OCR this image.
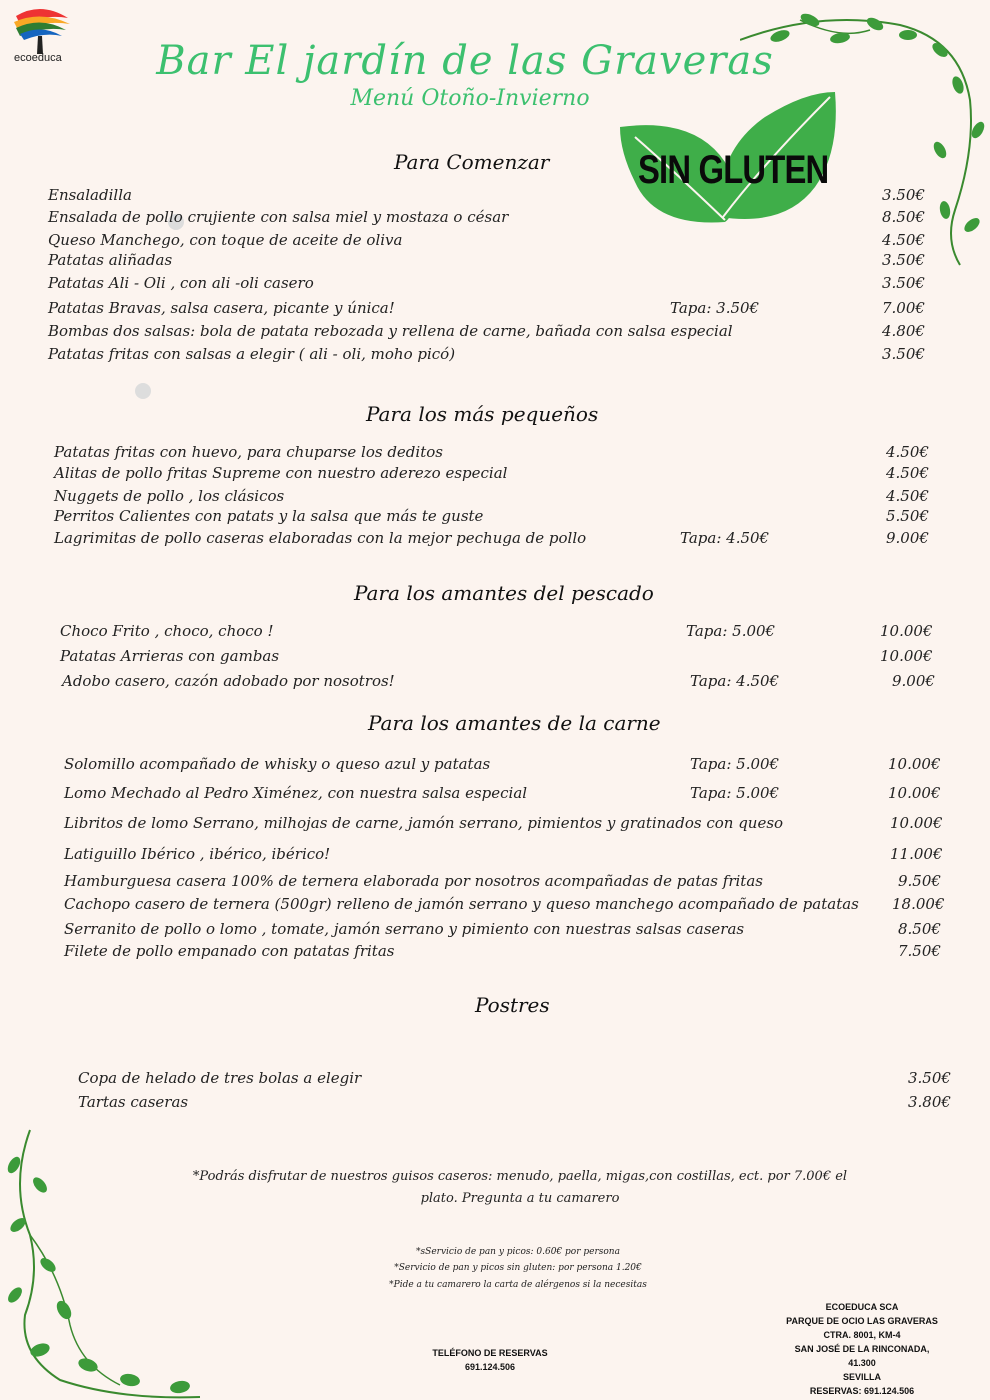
ecoeduca	Bar El jardín de las Graveras
Menú Otoño-Invierno
SIN GLUTEN
Para Comenzar
Ensaladilla	3.50€
Ensalada de pollo crujiente con salsa miel y mostaza o césar	8.50€
Queso Manchego, con toque de aceite de oliva	4.50€
Patatas aliñadas	3.50€
Patatas Ali - Oli , con ali -oli casero	3.50€
Patatas Bravas, salsa casera, picante y única!	Tapa: 3.50€	7.00€
Bombas dos salsas: bola de patata rebozada y rellena de carne, bañada con salsa especial	4.80€
Patatas fritas con salsas a elegir ( ali - oli, moho picó)	3.50€
Para los más pequeños
Patatas fritas con huevo, para chuparse los deditos	4.50€
Alitas de pollo fritas Supreme con nuestro aderezo especial	4.50€
Nuggets de pollo , los clásicos	4.50€
Perritos Calientes con patats y la salsa que más te guste	5.50€
Lagrimitas de pollo caseras elaboradas con la mejor pechuga de pollo	Tapa: 4.50€	9.00€
Para los amantes del pescado
Choco Frito , choco, choco !	Tapa: 5.00€	10.00€
Patatas Arrieras con gambas	10.00€
Adobo casero, cazón adobado por nosotros!	Tapa: 4.50€	9.00€
Para los amantes de la carne
Solomillo acompañado de whisky o queso azul y patatas	Tapa: 5.00€	10.00€
Lomo Mechado al Pedro Ximénez, con nuestra salsa especial	Tapa: 5.00€	10.00€
Libritos de lomo Serrano, milhojas de carne, jamón serrano, pimientos y gratinados con queso	10.00€
Latiguillo Ibérico , ibérico, ibérico!	11.00€
Hamburguesa casera 100% de ternera elaborada por nosotros acompañadas de patas fritas	9.50€
Cachopo casero de ternera (500gr) relleno de jamón serrano y queso manchego acompañado de patatas 18.00€
Serranito de pollo o lomo , tomate, jamón serrano y pimiento con nuestras salsas caseras	8.50€
Filete de pollo empanado con patatas fritas	7.50€
Postres
Copa de helado de tres bolas a elegir	3.50€
Tartas caseras	3.80€
*Podrás disfrutar de nuestros guisos caseros: menudo, paella, migas,con costillas, ect. por 7.00€ el
plato. Pregunta a tu camarero
*sServicio de pan y picos: 0.60€ por persona
*Servicio de pan y picos sin gluten: por persona 1.20€
*Pide a tu camarero la carta de alérgenos si la necesitas
TELÉFONO DE RESERVAS
691.124.506
ECOEDUCA SCA
PARQUE DE OCIO LAS GRAVERAS
CTRA. 8001, KM-4
SAN JOSÉ DE LA RINCONADA, 41.300
SEVILLA
RESERVAS: 691.124.506
